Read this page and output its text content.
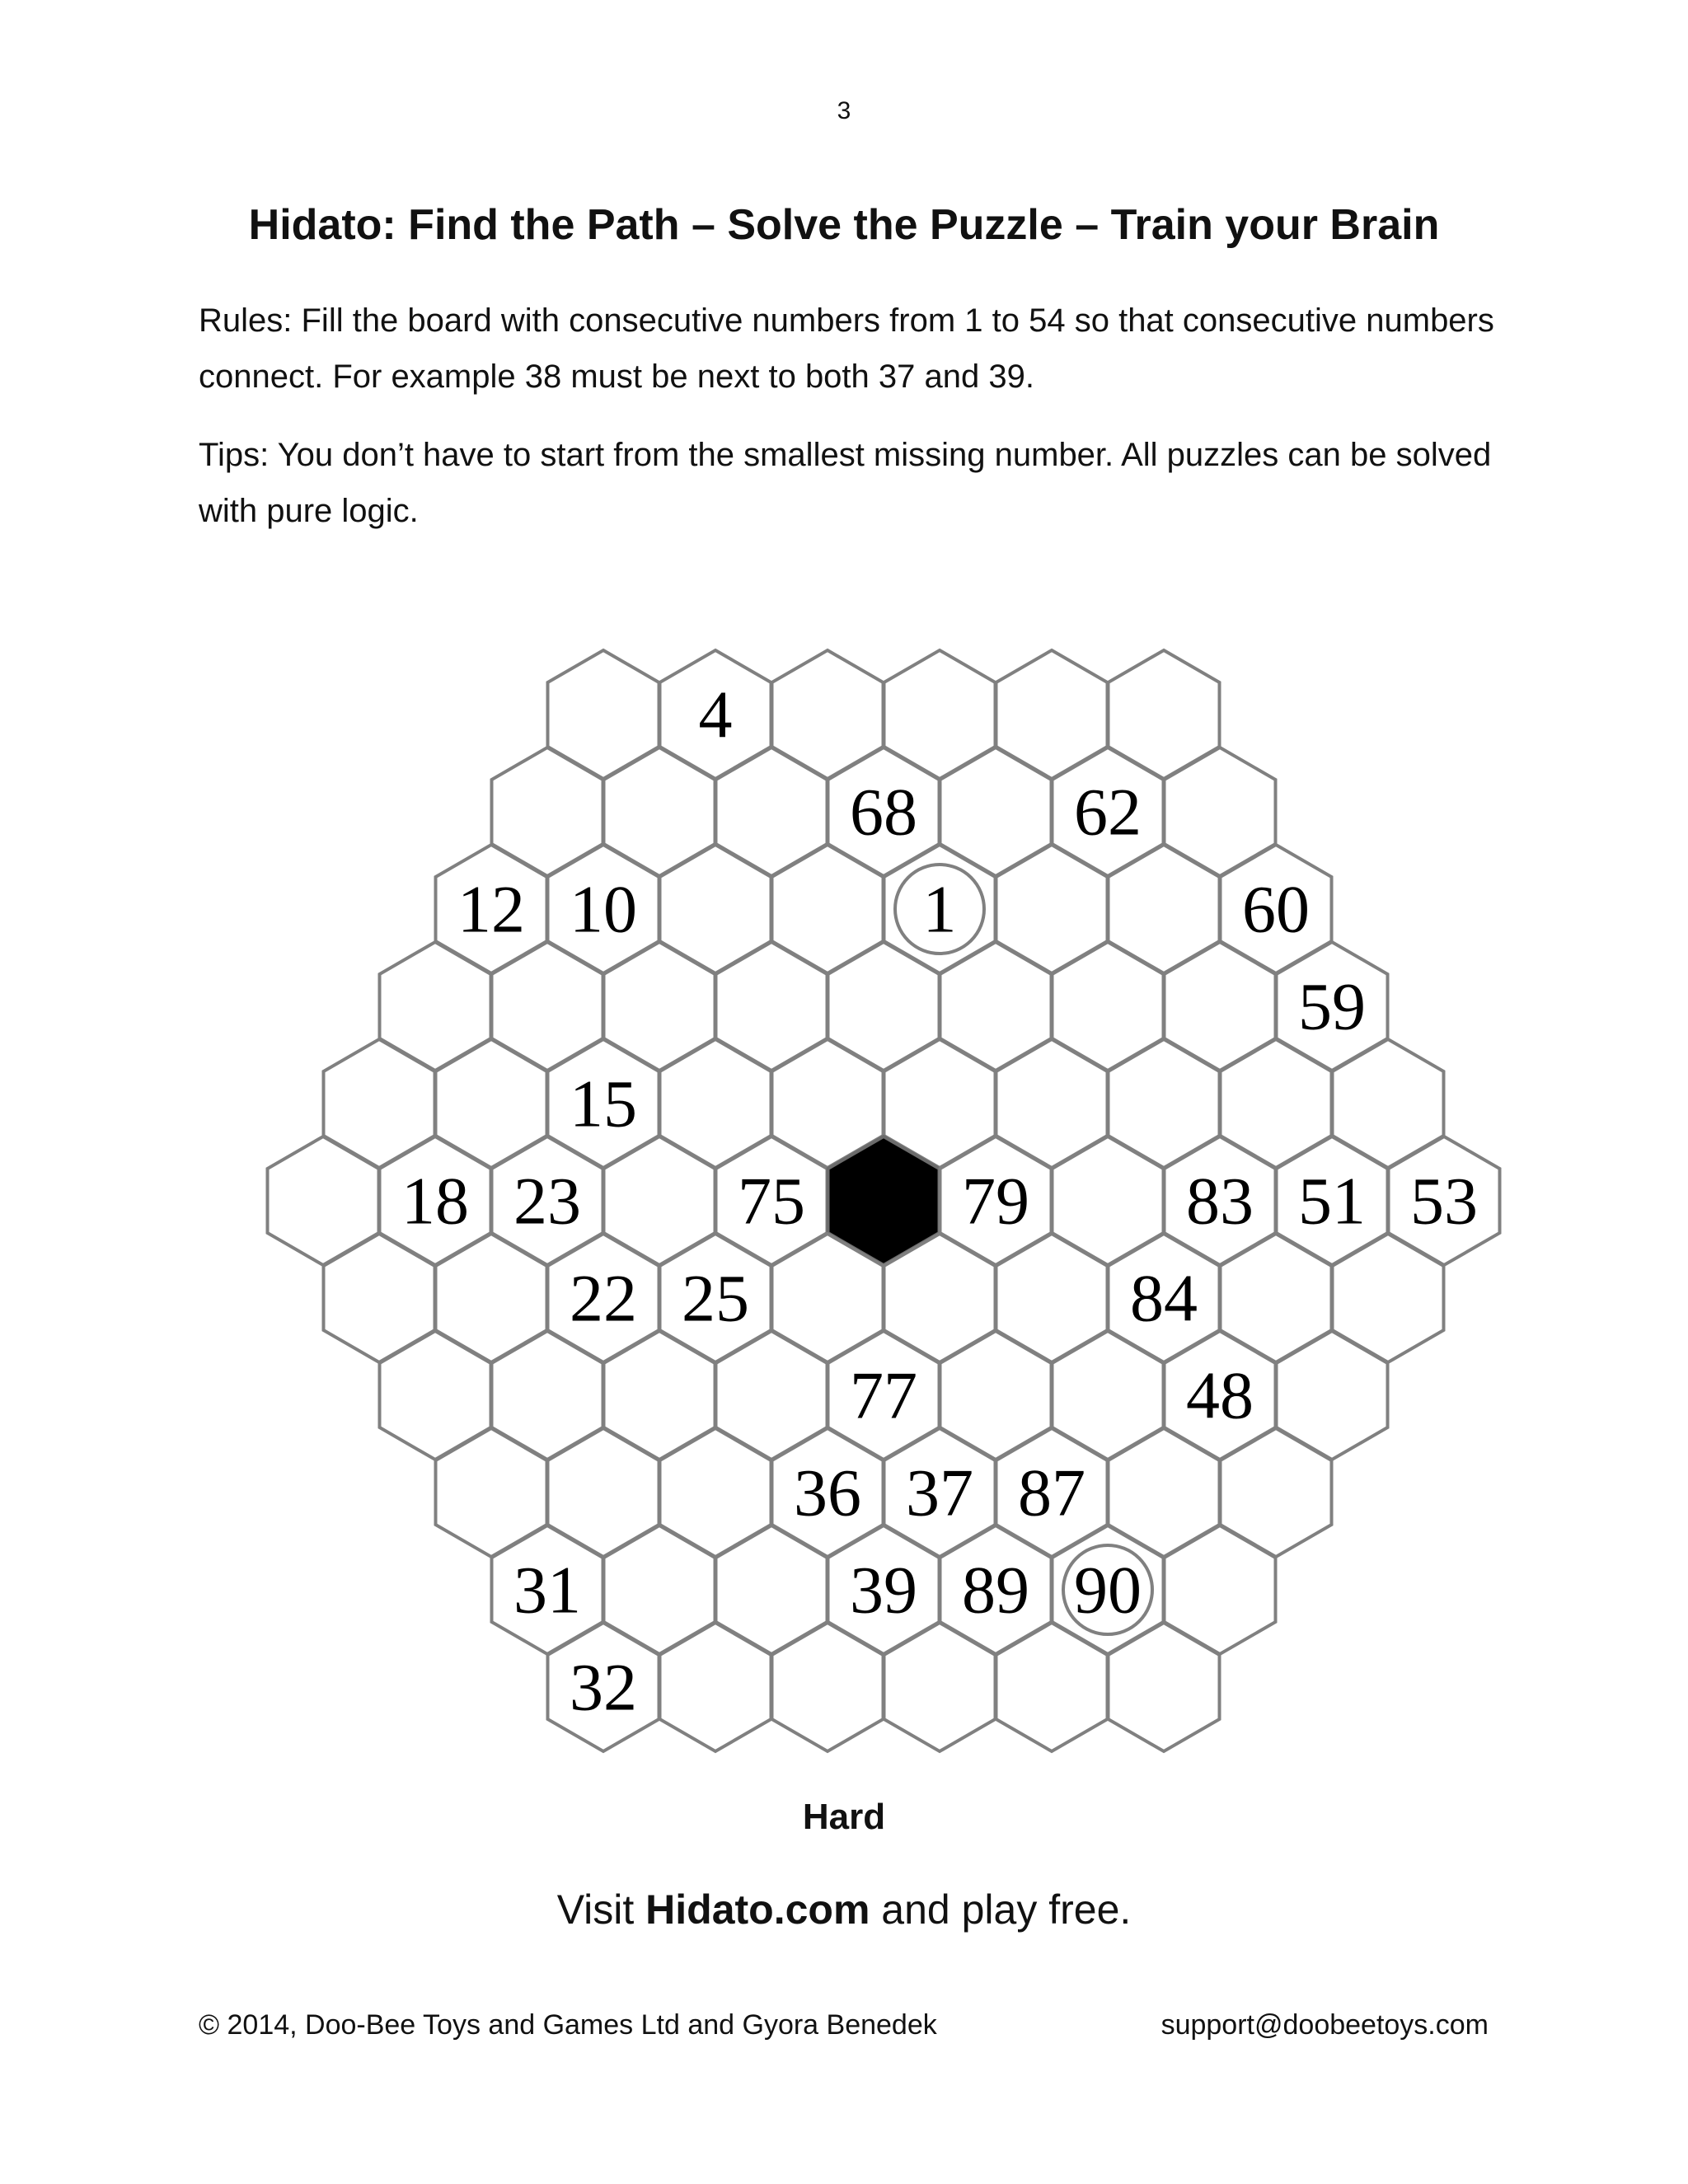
3
Hidato: Find the Path – Solve the Puzzle – Train your Brain

Rules: Fill the board with consecutive numbers from 1 to 54 so that consecutive numbers connect. For example 38 must be next to both 37 and 39.

Tips: You don’t have to start from the smallest missing number. All puzzles can be solved with pure logic.

4
68 62
12 10	1	60
59
15
18 23 75 79 83 51 53
22 25	84
77	48
36 37 87
31	39 89 90
32
Hard
Visit Hidato.com and play free.
© 2014, Doo-Bee Toys and Games Ltd and Gyora Benedek	support@doobeetoys.com
